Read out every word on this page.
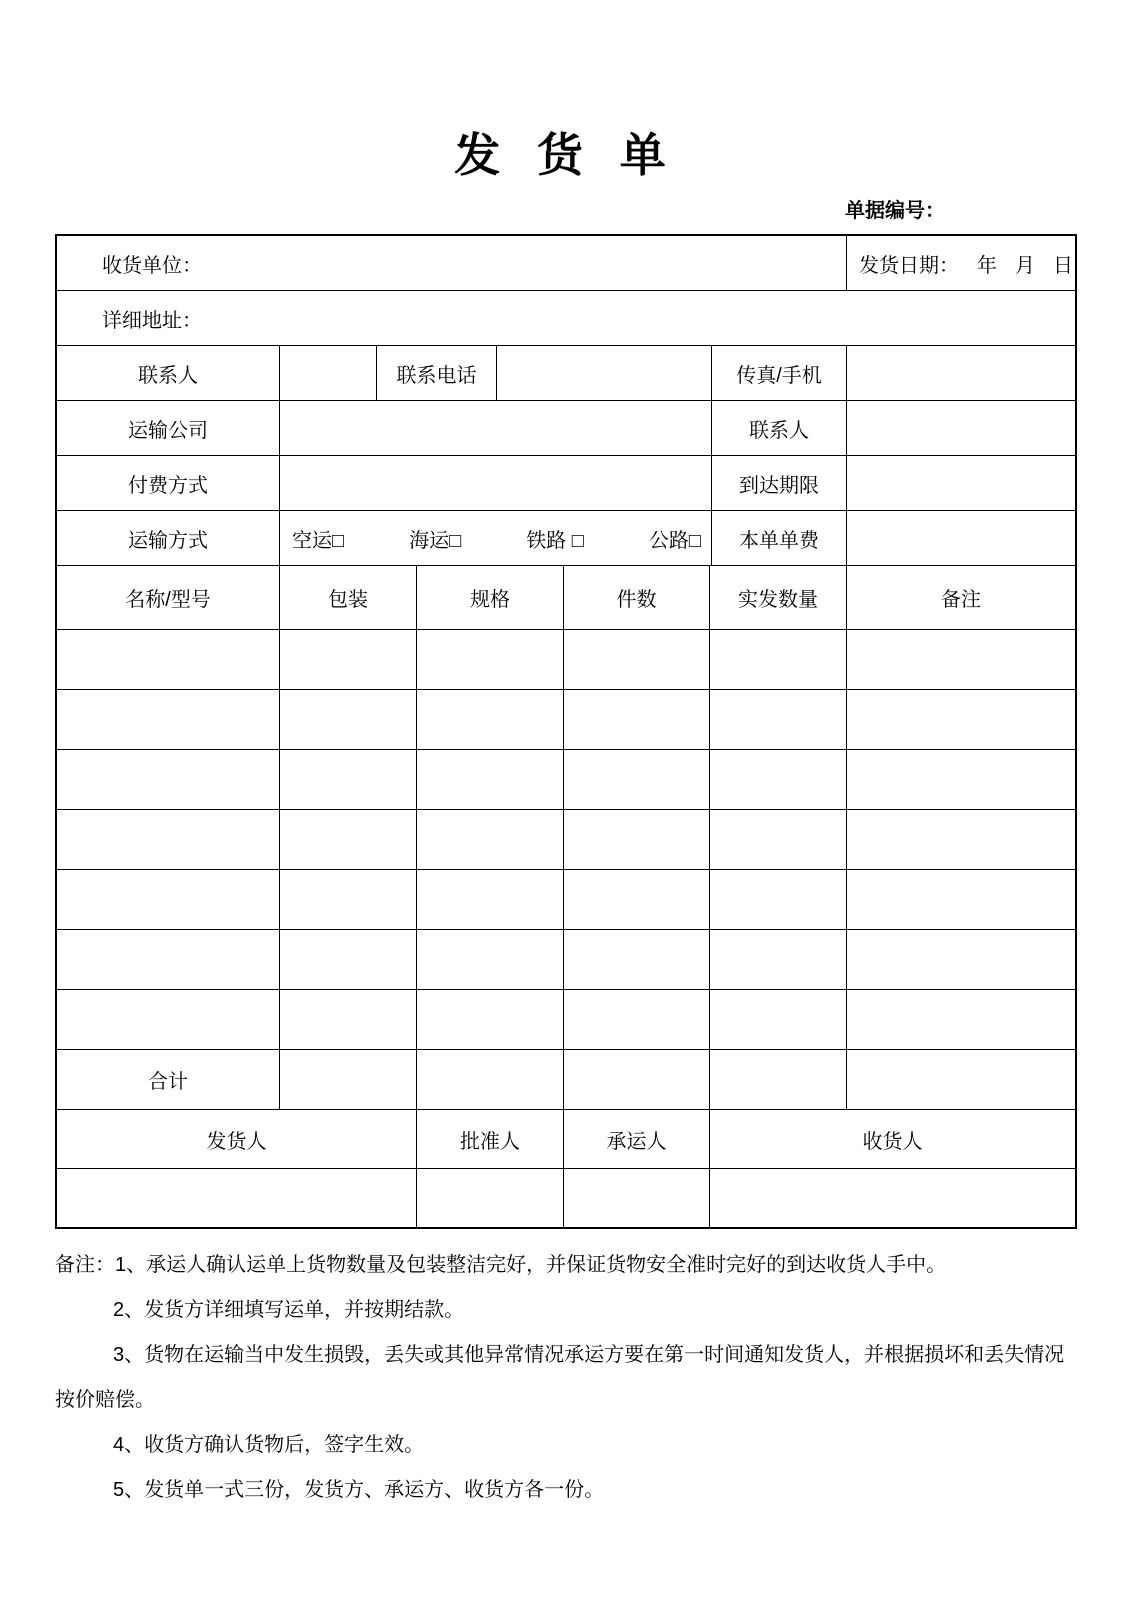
发 货 单
单据编号：
收货单位：	发货日期： 年 月 日
详细地址：
联系人	联系电话	传真/手机
运输公司	联系人
付费方式	到达期限
运输方式	空运□	海运□	铁路 □	公路□	本单单费
名称/型号	包装	规格	件数	实发数量	备注
合计
发货人	批准人	承运人	收货人

备注：1、承运人确认运单上货物数量及包装整洁完好，并保证货物安全准时完好的到达收货人手中。

2、发货方详细填写运单，并按期结款。

3、货物在运输当中发生损毁，丢失或其他异常情况承运方要在第一时间通知发货人，并根据损坏和丢失情况按价赔偿。

4、收货方确认货物后，签字生效。

5、发货单一式三份，发货方、承运方、收货方各一份。
